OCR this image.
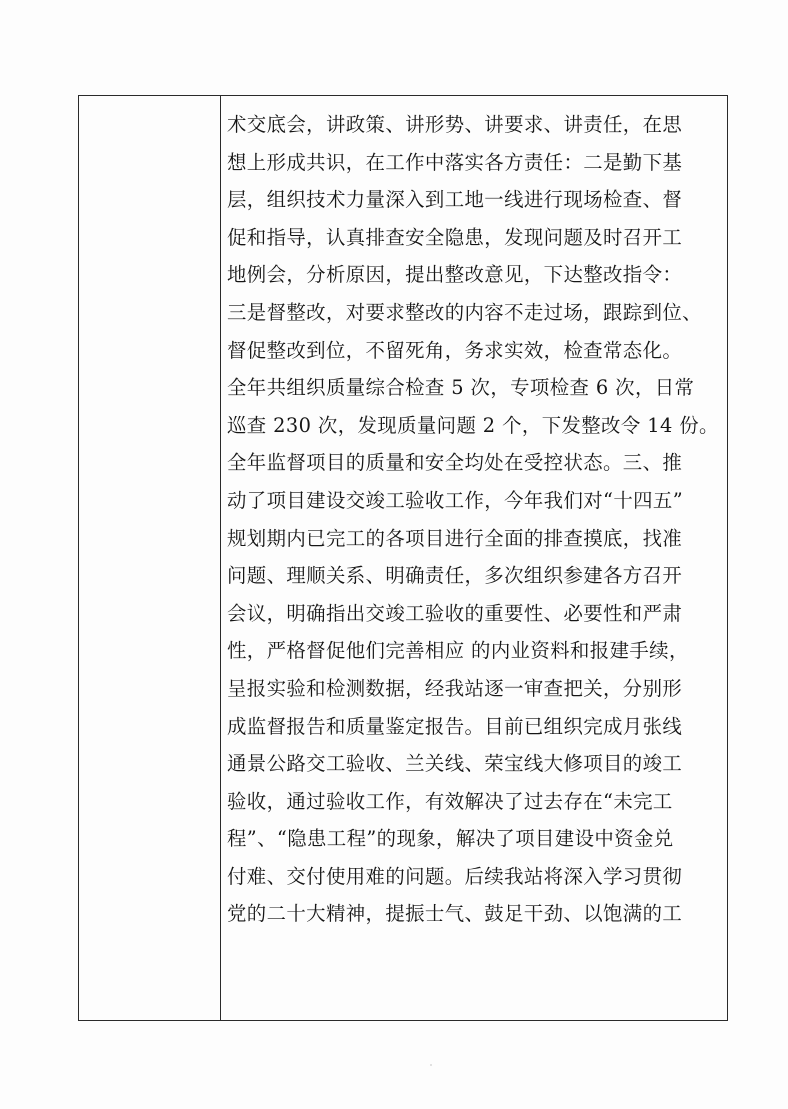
术交底会，讲政策、讲形势、讲要求、讲责任，在思
想上形成共识，在工作中落实各方责任：二是勤下基
层，组织技术力量深入到工地一线进行现场检查、督
促和指导，认真排查安全隐患，发现问题及时召开工
地例会，分析原因，提出整改意见，下达整改指令：
三是督整改，对要求整改的内容不走过场，跟踪到位、
督促整改到位，不留死角，务求实效，检查常态化。
全年共组织质量综合检查 5 次，专项检查 6 次，日常
巡查 230 次，发现质量问题 2 个，下发整改令 14 份。
全年监督项目的质量和安全均处在受控状态。三、推
动了项目建设交竣工验收工作，今年我们对“十四五”
规划期内已完工的各项目进行全面的排查摸底，找准
问题、理顺关系、明确责任，多次组织参建各方召开
会议，明确指出交竣工验收的重要性、必要性和严肃
性，严格督促他们完善相应 的内业资料和报建手续，
呈报实验和检测数据，经我站逐一审查把关，分别形
成监督报告和质量鉴定报告。目前已组织完成月张线
通景公路交工验收、兰关线、荣宝线大修项目的竣工
验收，通过验收工作，有效解决了过去存在“未完工
程”、“隐患工程”的现象，解决了项目建设中资金兑
付难、交付使用难的问题。后续我站将深入学习贯彻
党的二十大精神，提振士气、鼓足干劲、以饱满的工
